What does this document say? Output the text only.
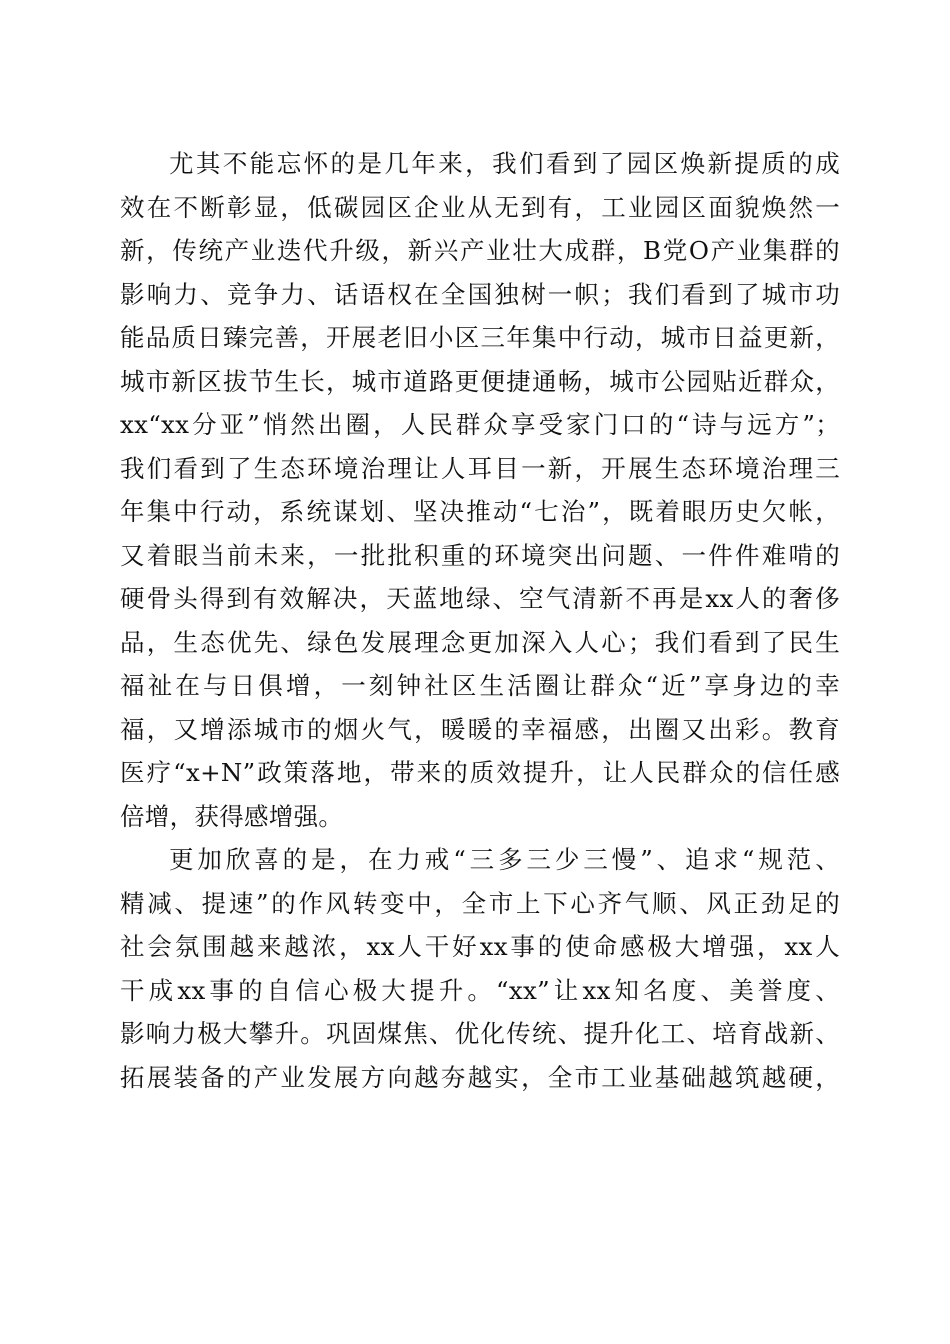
尤其不能忘怀的是几年来，我们看到了园区焕新提质的成
效在不断彰显，低碳园区企业从无到有，工业园区面貌焕然一
新，传统产业迭代升级，新兴产业壮大成群，B党O产业集群的
影响力、竞争力、话语权在全国独树一帜；我们看到了城市功
能品质日臻完善，开展老旧小区三年集中行动，城市日益更新，
城市新区拔节生长，城市道路更便捷通畅，城市公园贴近群众，
xx“xx分亚”悄然出圈，人民群众享受家门口的“诗与远方”；
我们看到了生态环境治理让人耳目一新，开展生态环境治理三
年集中行动，系统谋划、坚决推动“七治”，既着眼历史欠帐，
又着眼当前未来，一批批积重的环境突出问题、一件件难啃的
硬骨头得到有效解决，天蓝地绿、空气清新不再是xx人的奢侈
品，生态优先、绿色发展理念更加深入人心；我们看到了民生
福祉在与日俱增，一刻钟社区生活圈让群众“近”享身边的幸
福，又增添城市的烟火气，暖暖的幸福感，出圈又出彩。教育
医疗“x+N”政策落地，带来的质效提升，让人民群众的信任感
倍增，获得感增强。

更加欣喜的是，在力戒“三多三少三慢”、追求“规范、
精减、提速”的作风转变中，全市上下心齐气顺、风正劲足的
社会氛围越来越浓，xx人干好xx事的使命感极大增强，xx人
干成xx事的自信心极大提升。“xx”让xx知名度、美誉度、
影响力极大攀升。巩固煤焦、优化传统、提升化工、培育战新、
拓展装备的产业发展方向越夯越实，全市工业基础越筑越硬，
